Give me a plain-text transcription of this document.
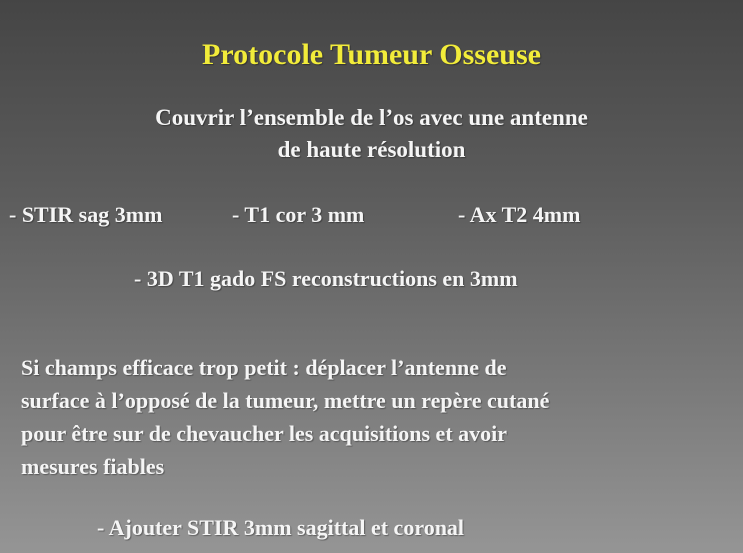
Protocole Tumeur Osseuse

Couvrir l’ensemble de l’os avec une antenne

de haute résolution

- STIR sag 3mm	- T1 cor 3 mm	- Ax T2 4mm

- 3D T1 gado FS reconstructions en 3mm

Si champs efficace trop petit : déplacer l’antenne de

surface à l’opposé de la tumeur, mettre un repère cutané

pour être sur de chevaucher les acquisitions et avoir

mesures fiables

- Ajouter STIR 3mm sagittal et coronal
